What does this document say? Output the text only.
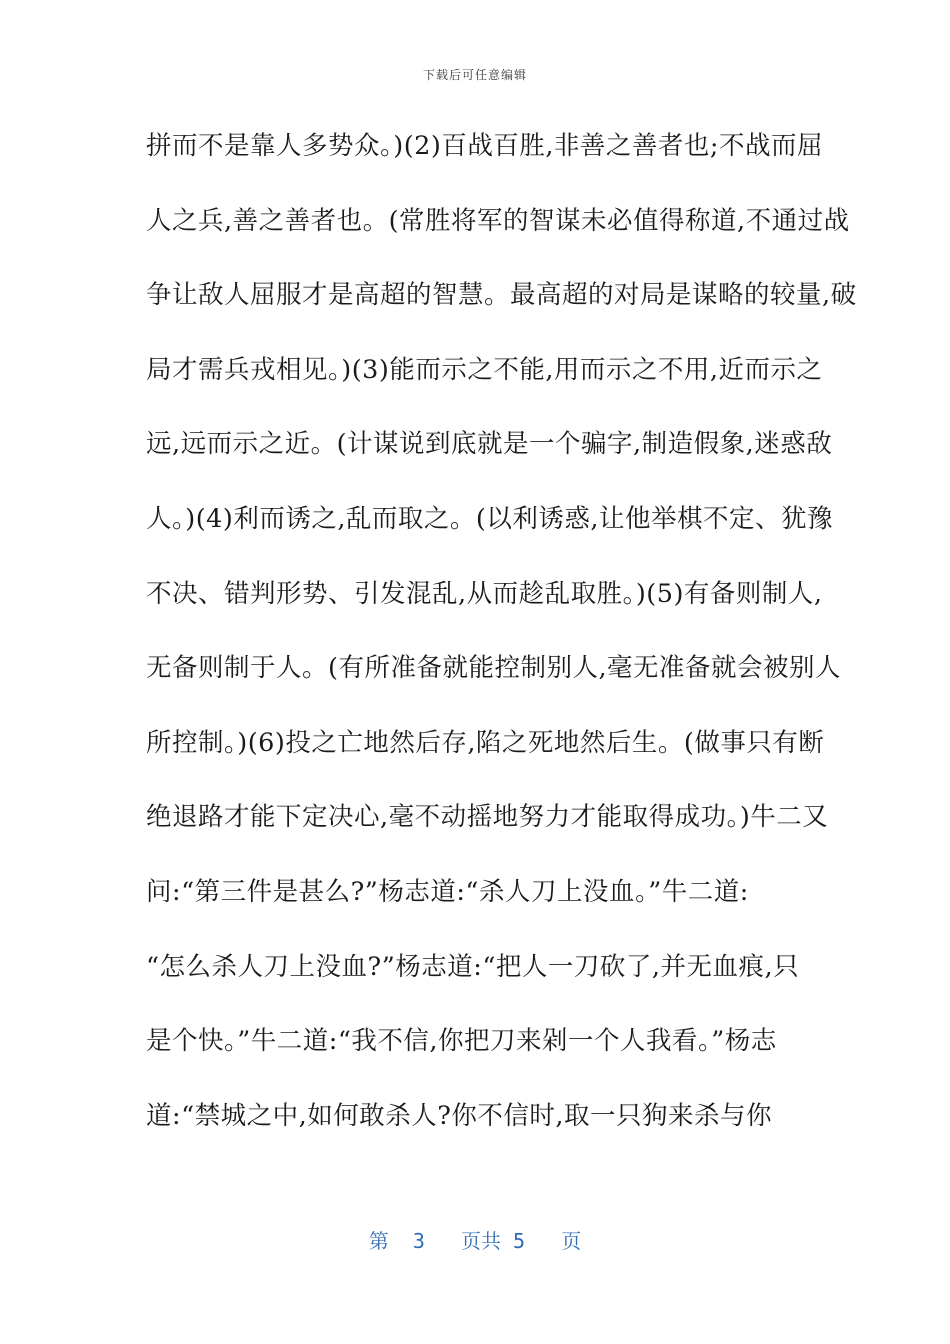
下载后可任意编辑
拼而不是靠人多势众。)(2)百战百胜,非善之善者也;不战而屈
人之兵,善之善者也。(常胜将军的智谋未必值得称道,不通过战
争让敌人屈服才是高超的智慧。最高超的对局是谋略的较量,破
局才需兵戎相见。)(3)能而示之不能,用而示之不用,近而示之
远,远而示之近。(计谋说到底就是一个骗字,制造假象,迷惑敌
人。)(4)利而诱之,乱而取之。(以利诱惑,让他举棋不定、犹豫
不决、错判形势、引发混乱,从而趁乱取胜。)(5)有备则制人,
无备则制于人。(有所准备就能控制别人,毫无准备就会被别人
所控制。)(6)投之亡地然后存,陷之死地然后生。(做事只有断
绝退路才能下定决心,毫不动摇地努力才能取得成功。)牛二又
问:“第三件是甚么?”杨志道:“杀人刀上没血。”牛二道:
“怎么杀人刀上没血?”杨志道:“把人一刀砍了,并无血痕,只
是个快。”牛二道:“我不信,你把刀来剁一个人我看。”杨志
道:“禁城之中,如何敢杀人?你不信时,取一只狗来杀与你
第  3   页共 5   页
